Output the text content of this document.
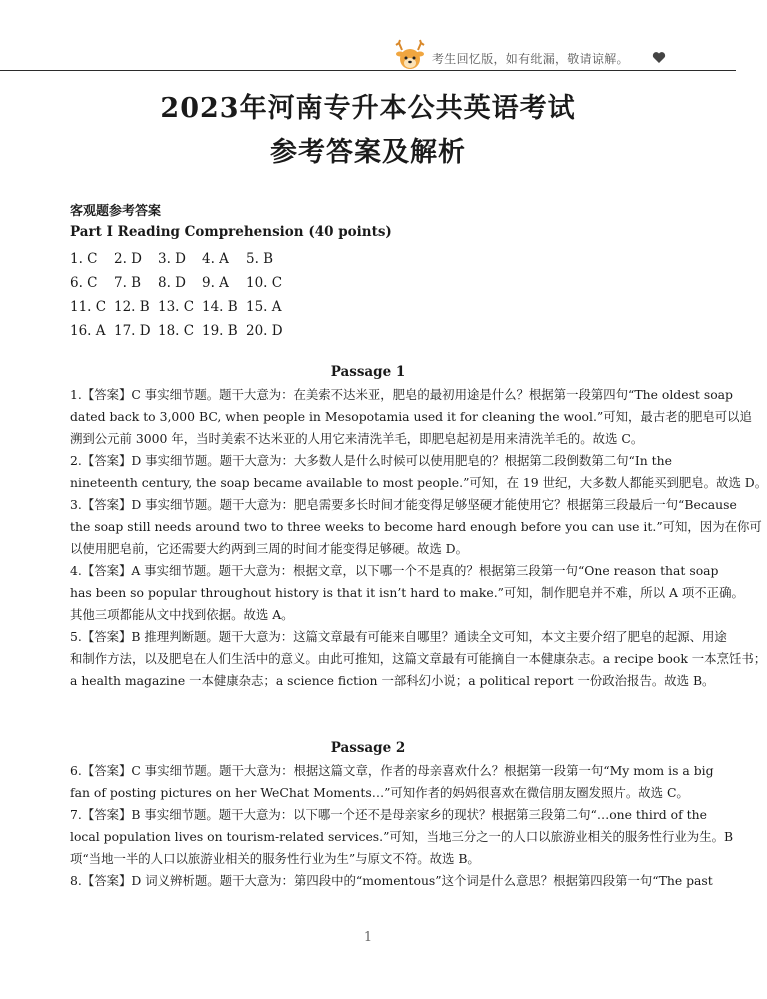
考生回忆版，如有纰漏，敬请谅解。
2023年河南专升本公共英语考试
参考答案及解析
客观题参考答案
Part I Reading Comprehension (40 points)
1. C	2. D	3. D	4. A	5. B
6. C	7. B	8. D	9. A	10. C
11. C 12. B 13. C 14. B 15. A
16. A 17. D 18. C 19. B 20. D
Passage 1
1.【答案】C 事实细节题。题干大意为：在美索不达米亚，肥皂的最初用途是什么？根据第一段第四句“The oldest soap
dated back to 3,000 BC, when people in Mesopotamia used it for cleaning the wool.”可知，最古老的肥皂可以追
溯到公元前 3000 年，当时美索不达米亚的人用它来清洗羊毛，即肥皂起初是用来清洗羊毛的。故选 C。
2.【答案】D 事实细节题。题干大意为：大多数人是什么时候可以使用肥皂的？根据第二段倒数第二句“In the
nineteenth century, the soap became available to most people.”可知，在 19 世纪，大多数人都能买到肥皂。故选 D。
3.【答案】D 事实细节题。题干大意为：肥皂需要多长时间才能变得足够坚硬才能使用它？根据第三段最后一句“Because
the soap still needs around two to three weeks to become hard enough before you can use it.”可知，因为在你可
以使用肥皂前，它还需要大约两到三周的时间才能变得足够硬。故选 D。
4.【答案】A 事实细节题。题干大意为：根据文章，以下哪一个不是真的？根据第三段第一句“One reason that soap
has been so popular throughout history is that it isn’t hard to make.”可知，制作肥皂并不难，所以 A 项不正确。
其他三项都能从文中找到依据。故选 A。
5.【答案】B 推理判断题。题干大意为：这篇文章最有可能来自哪里？通读全文可知，本文主要介绍了肥皂的起源、用途
和制作方法，以及肥皂在人们生活中的意义。由此可推知，这篇文章最有可能摘自一本健康杂志。a recipe book 一本烹饪书；
a health magazine 一本健康杂志；a science fiction 一部科幻小说；a political report 一份政治报告。故选 B。
Passage 2
6.【答案】C 事实细节题。题干大意为：根据这篇文章，作者的母亲喜欢什么？根据第一段第一句“My mom is a big
fan of posting pictures on her WeChat Moments…”可知作者的妈妈很喜欢在微信朋友圈发照片。故选 C。
7.【答案】B 事实细节题。题干大意为：以下哪一个还不是母亲家乡的现状？根据第三段第二句“…one third of the
local population lives on tourism-related services.”可知，当地三分之一的人口以旅游业相关的服务性行业为生。B
项“当地一半的人口以旅游业相关的服务性行业为生”与原文不符。故选 B。
8.【答案】D 词义辨析题。题干大意为：第四段中的“momentous”这个词是什么意思？根据第四段第一句“The past
1
